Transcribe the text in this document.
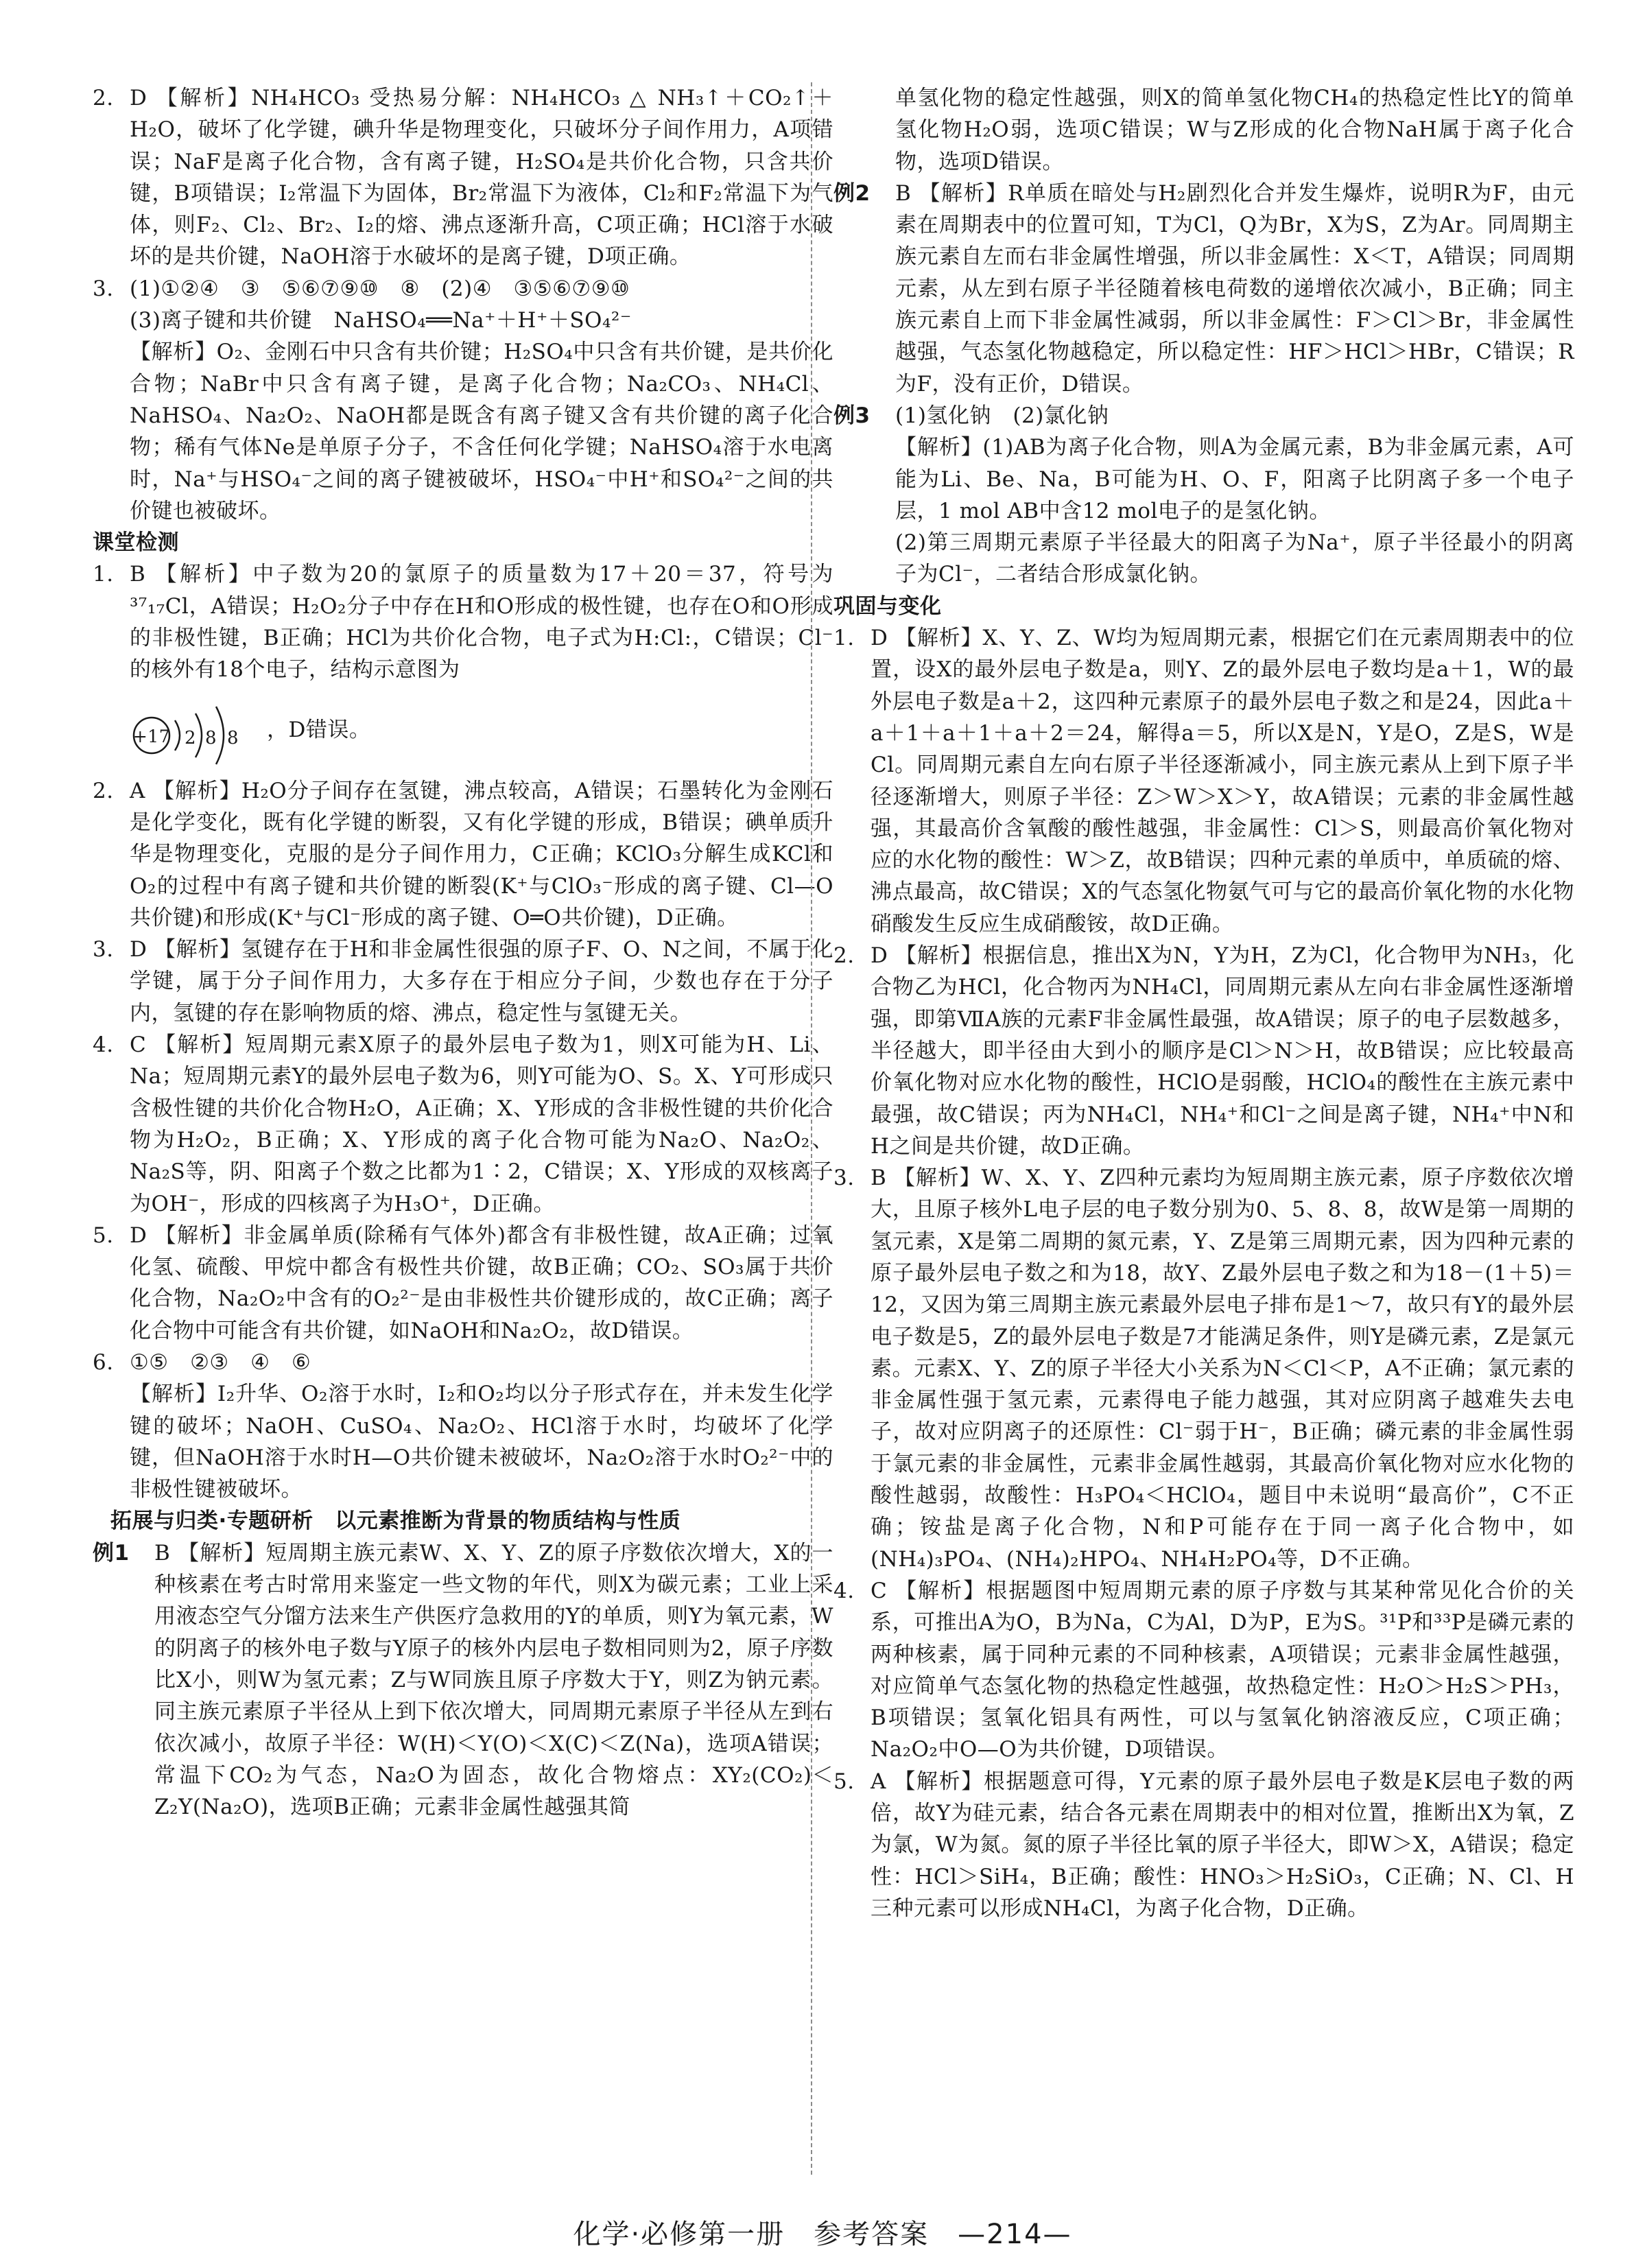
2. D 【解析】NH₄HCO₃ 受热易分解：NH₄HCO₃ △ NH₃↑＋CO₂↑＋H₂O，破坏了化学键，碘升华是物理变化，只破坏分子间作用力，A项错误；NaF是离子化合物，含有离子键，H₂SO₄是共价化合物，只含共价键，B项错误；I₂常温下为固体，Br₂常温下为液体，Cl₂和F₂常温下为气体，则F₂、Cl₂、Br₂、I₂的熔、沸点逐渐升高，C项正确；HCl溶于水破坏的是共价键，NaOH溶于水破坏的是离子键，D项正确。
3. (1)①②④　③　⑤⑥⑦⑨⑩　⑧　(2)④　③⑤⑥⑦⑨⑩

(3)离子键和共价键　NaHSO₄══Na⁺＋H⁺＋SO₄²⁻

【解析】O₂、金刚石中只含有共价键；H₂SO₄中只含有共价键，是共价化合物；NaBr中只含有离子键，是离子化合物；Na₂CO₃、NH₄Cl、NaHSO₄、Na₂O₂、NaOH都是既含有离子键又含有共价键的离子化合物；稀有气体Ne是单原子分子，不含任何化学键；NaHSO₄溶于水电离时，Na⁺与HSO₄⁻之间的离子键被破坏，HSO₄⁻中H⁺和SO₄²⁻之间的共价键也被破坏。

课堂检测

1. B 【解析】中子数为20的氯原子的质量数为17＋20＝37，符号为³⁷₁₇Cl，A错误；H₂O₂分子中存在H和O形成的极性键，也存在O和O形成的非极性键，B正确；HCl为共价化合物，电子式为H:Cl:，C错误；Cl⁻的核外有18个电子，结构示意图为
+17 2 8 8 ，D错误。
2. A 【解析】H₂O分子间存在氢键，沸点较高，A错误；石墨转化为金刚石是化学变化，既有化学键的断裂，又有化学键的形成，B错误；碘单质升华是物理变化，克服的是分子间作用力，C正确；KClO₃分解生成KCl和O₂的过程中有离子键和共价键的断裂(K⁺与ClO₃⁻形成的离子键、Cl—O共价键)和形成(K⁺与Cl⁻形成的离子键、O═O共价键)，D正确。
3. D 【解析】氢键存在于H和非金属性很强的原子F、O、N之间，不属于化学键，属于分子间作用力，大多存在于相应分子间，少数也存在于分子内，氢键的存在影响物质的熔、沸点，稳定性与氢键无关。
4. C 【解析】短周期元素X原子的最外层电子数为1，则X可能为H、Li、Na；短周期元素Y的最外层电子数为6，则Y可能为O、S。X、Y可形成只含极性键的共价化合物H₂O，A正确；X、Y形成的含非极性键的共价化合物为H₂O₂，B正确；X、Y形成的离子化合物可能为Na₂O、Na₂O₂、Na₂S等，阴、阳离子个数之比都为1∶2，C错误；X、Y形成的双核离子为OH⁻，形成的四核离子为H₃O⁺，D正确。
5. D 【解析】非金属单质(除稀有气体外)都含有非极性键，故A正确；过氧化氢、硫酸、甲烷中都含有极性共价键，故B正确；CO₂、SO₃属于共价化合物，Na₂O₂中含有的O₂²⁻是由非极性共价键形成的，故C正确；离子化合物中可能含有共价键，如NaOH和Na₂O₂，故D错误。
6. ①⑤　②③　④　⑥

【解析】I₂升华、O₂溶于水时，I₂和O₂均以分子形式存在，并未发生化学键的破坏；NaOH、CuSO₄、Na₂O₂、HCl溶于水时，均破坏了化学键，但NaOH溶于水时H—O共价键未被破坏，Na₂O₂溶于水时O₂²⁻中的非极性键被破坏。

拓展与归类·专题研析　以元素推断为背景的物质结构与性质

例1 B 【解析】短周期主族元素W、X、Y、Z的原子序数依次增大，X的一种核素在考古时常用来鉴定一些文物的年代，则X为碳元素；工业上采用液态空气分馏方法来生产供医疗急救用的Y的单质，则Y为氧元素，W的阴离子的核外电子数与Y原子的核外内层电子数相同则为2，原子序数比X小，则W为氢元素；Z与W同族且原子序数大于Y，则Z为钠元素。同主族元素原子半径从上到下依次增大，同周期元素原子半径从左到右依次减小，故原子半径：W(H)＜Y(O)＜X(C)＜Z(Na)，选项A错误；常温下CO₂为气态，Na₂O为固态，故化合物熔点：XY₂(CO₂)＜Z₂Y(Na₂O)，选项B正确；元素非金属性越强其简

单氢化物的稳定性越强，则X的简单氢化物CH₄的热稳定性比Y的简单氢化物H₂O弱，选项C错误；W与Z形成的化合物NaH属于离子化合物，选项D错误。

例2 B 【解析】R单质在暗处与H₂剧烈化合并发生爆炸，说明R为F，由元素在周期表中的位置可知，T为Cl，Q为Br，X为S，Z为Ar。同周期主族元素自左而右非金属性增强，所以非金属性：X＜T，A错误；同周期元素，从左到右原子半径随着核电荷数的递增依次减小，B正确；同主族元素自上而下非金属性减弱，所以非金属性：F＞Cl＞Br，非金属性越强，气态氢化物越稳定，所以稳定性：HF＞HCl＞HBr，C错误；R为F，没有正价，D错误。
例3 (1)氢化钠　(2)氯化钠

【解析】(1)AB为离子化合物，则A为金属元素，B为非金属元素，A可能为Li、Be、Na，B可能为H、O、F，阳离子比阴离子多一个电子层，1 mol AB中含12 mol电子的是氢化钠。

(2)第三周期元素原子半径最大的阳离子为Na⁺，原子半径最小的阴离子为Cl⁻，二者结合形成氯化钠。

巩固与变化

1. D 【解析】X、Y、Z、W均为短周期元素，根据它们在元素周期表中的位置，设X的最外层电子数是a，则Y、Z的最外层电子数均是a＋1，W的最外层电子数是a＋2，这四种元素原子的最外层电子数之和是24，因此a＋a＋1＋a＋1＋a＋2＝24，解得a＝5，所以X是N，Y是O，Z是S，W是Cl。同周期元素自左向右原子半径逐渐减小，同主族元素从上到下原子半径逐渐增大，则原子半径：Z＞W＞X＞Y，故A错误；元素的非金属性越强，其最高价含氧酸的酸性越强，非金属性：Cl＞S，则最高价氧化物对应的水化物的酸性：W＞Z，故B错误；四种元素的单质中，单质硫的熔、沸点最高，故C错误；X的气态氢化物氨气可与它的最高价氧化物的水化物硝酸发生反应生成硝酸铵，故D正确。
2. D 【解析】根据信息，推出X为N，Y为H，Z为Cl，化合物甲为NH₃，化合物乙为HCl，化合物丙为NH₄Cl，同周期元素从左向右非金属性逐渐增强，即第ⅦA族的元素F非金属性最强，故A错误；原子的电子层数越多，半径越大，即半径由大到小的顺序是Cl＞N＞H，故B错误；应比较最高价氧化物对应水化物的酸性，HClO是弱酸，HClO₄的酸性在主族元素中最强，故C错误；丙为NH₄Cl，NH₄⁺和Cl⁻之间是离子键，NH₄⁺中N和H之间是共价键，故D正确。
3. B 【解析】W、X、Y、Z四种元素均为短周期主族元素，原子序数依次增大，且原子核外L电子层的电子数分别为0、5、8、8，故W是第一周期的氢元素，X是第二周期的氮元素，Y、Z是第三周期元素，因为四种元素的原子最外层电子数之和为18，故Y、Z最外层电子数之和为18－(1＋5)＝12，又因为第三周期主族元素最外层电子排布是1～7，故只有Y的最外层电子数是5，Z的最外层电子数是7才能满足条件，则Y是磷元素，Z是氯元素。元素X、Y、Z的原子半径大小关系为N＜Cl＜P，A不正确；氯元素的非金属性强于氢元素，元素得电子能力越强，其对应阴离子越难失去电子，故对应阴离子的还原性：Cl⁻弱于H⁻，B正确；磷元素的非金属性弱于氯元素的非金属性，元素非金属性越弱，其最高价氧化物对应水化物的酸性越弱，故酸性：H₃PO₄＜HClO₄，题目中未说明“最高价”，C不正确；铵盐是离子化合物，N和P可能存在于同一离子化合物中，如(NH₄)₃PO₄、(NH₄)₂HPO₄、NH₄H₂PO₄等，D不正确。
4. C 【解析】根据题图中短周期元素的原子序数与其某种常见化合价的关系，可推出A为O，B为Na，C为Al，D为P，E为S。³¹P和³³P是磷元素的两种核素，属于同种元素的不同种核素，A项错误；元素非金属性越强，对应简单气态氢化物的热稳定性越强，故热稳定性：H₂O＞H₂S＞PH₃，B项错误；氢氧化铝具有两性，可以与氢氧化钠溶液反应，C项正确；Na₂O₂中O—O为共价键，D项错误。
5. A 【解析】根据题意可得，Y元素的原子最外层电子数是K层电子数的两倍，故Y为硅元素，结合各元素在周期表中的相对位置，推断出X为氧，Z为氯，W为氮。氮的原子半径比氧的原子半径大，即W＞X，A错误；稳定性：HCl＞SiH₄，B正确；酸性：HNO₃＞H₂SiO₃，C正确；N、Cl、H三种元素可以形成NH₄Cl，为离子化合物，D正确。
化学·必修第一册　参考答案　—214—
